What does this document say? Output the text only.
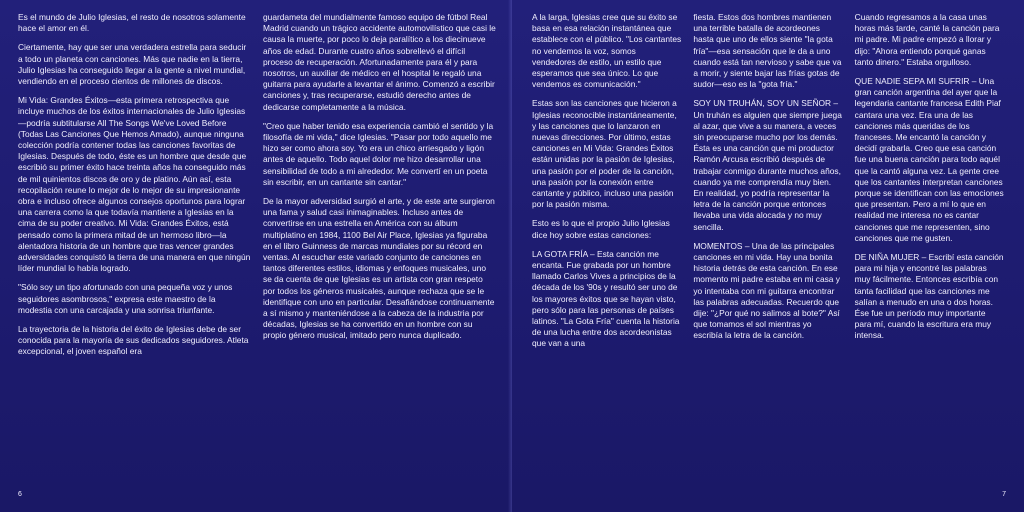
Es el mundo de Julio Iglesias, el resto de nosotros solamente hace el amor en él.

Ciertamente, hay que ser una verdadera estrella para seducir a todo un planeta con canciones. Más que nadie en la tierra, Julio Iglesias ha conseguido llegar a la gente a nivel mundial, vendiendo en el proceso cientos de millones de discos.

Mi Vida: Grandes Éxitos—esta primera retrospectiva que incluye muchos de los éxitos internacionales de Julio Iglesias—podría subtitularse All The Songs We've Loved Before (Todas Las Canciones Que Hemos Amado), aunque ninguna colección podría contener todas las canciones favoritas de Iglesias. Después de todo, éste es un hombre que desde que escribió su primer éxito hace treinta años ha conseguido más de mil quinientos discos de oro y de platino. Aún así, esta recopilación reune lo mejor de lo mejor de su impresionante obra e incluso ofrece algunos consejos oportunos para lograr una carrera como la que todavía mantiene a Iglesias en la cima de su poder creativo. Mi Vida: Grandes Éxitos, está pensado como la primera mitad de un hermoso libro—la alentadora historia de un hombre que tras vencer grandes adversidades conquistó la tierra de una manera en que ningún líder mundial lo había logrado.

"Sólo soy un tipo afortunado con una pequeña voz y unos seguidores asombrosos," expresa este maestro de la modestia con una carcajada y una sonrisa triunfante.

La trayectoria de la historia del éxito de Iglesias debe de ser conocida para la mayoría de sus dedicados seguidores. Atleta excepcional, el joven español era

guardameta del mundialmente famoso equipo de fútbol Real Madrid cuando un trágico accidente automovilístico que casi le causa la muerte, por poco lo deja paralítico a los diecinueve años de edad. Durante cuatro años sobrellevó el difícil proceso de recuperación. Afortunadamente para él y para nosotros, un auxiliar de médico en el hospital le regaló una guitarra para ayudarle a levantar el ánimo. Comenzó a escribir canciones y, tras recuperarse, estudió derecho antes de dedicarse completamente a la música.

"Creo que haber tenido esa experiencia cambió el sentido y la filosofía de mi vida," dice Iglesias. "Pasar por todo aquello me hizo ser como ahora soy. Yo era un chico arriesgado y ligón antes de aquello. Todo aquel dolor me hizo desarrollar una sensibilidad de todo a mi alrededor. Me convertí en un poeta sin escribir, en un cantante sin cantar."

De la mayor adversidad surgió el arte, y de este arte surgieron una fama y salud casi inimaginables. Incluso antes de convertirse en una estrella en América con su álbum multiplatino en 1984, 1100 Bel Air Place, Iglesias ya figuraba en el libro Guinness de marcas mundiales por su récord en ventas. Al escuchar este variado conjunto de canciones en tantos diferentes estilos, idiomas y enfoques musicales, uno se da cuenta de que Iglesias es un artista con gran respeto por todos los géneros musicales, aunque rechaza que se le identifique con uno en particular. Desafiándose continuamente a sí mismo y manteniéndose a la cabeza de la industria por décadas, Iglesias se ha convertido en un hombre con su propio género musical, imitado pero nunca duplicado.

6

A la larga, Iglesias cree que su éxito se basa en esa relación instantánea que establece con el público. "Los cantantes no vendemos la voz, somos vendedores de estilo, un estilo que esperamos que sea único. Lo que vendemos es comunicación."

Estas son las canciones que hicieron a Iglesias reconocible instantáneamente, y las canciones que lo lanzaron en nuevas direcciones. Por último, estas canciones en Mi Vida: Grandes Éxitos están unidas por la pasión de Iglesias, una pasión por el poder de la canción, una pasión por la conexión entre cantante y público, incluso una pasión por la pasión misma.

Esto es lo que el propio Julio Iglesias dice hoy sobre estas canciones:

LA GOTA FRÍA – Esta canción me encanta. Fue grabada por un hombre llamado Carlos Vives a principios de la década de los '90s y resultó ser uno de los mayores éxitos que se hayan visto, pero sólo para las personas de países latinos. "La Gota Fría" cuenta la historia de una lucha entre dos acordeonistas que van a una

fiesta. Estos dos hombres mantienen una terrible batalla de acordeones hasta que uno de ellos siente "la gota fría"—esa sensación que le da a uno cuando está tan nervioso y sabe que va a morir, y siente bajar las frías gotas de sudor—eso es la "gota fría."

SOY UN TRUHÁN, SOY UN SEÑOR – Un truhán es alguien que siempre juega al azar, que vive a su manera, a veces sin preocuparse mucho por los demás. Ésta es una canción que mi productor Ramón Arcusa escribió después de trabajar conmigo durante muchos años, cuando ya me comprendía muy bien. En realidad, yo podría representar la letra de la canción porque entonces llevaba una vida alocada y no muy sencilla.

MOMENTOS – Una de las principales canciones en mi vida. Hay una bonita historia detrás de esta canción. En ese momento mi padre estaba en mi casa y yo intentaba con mi guitarra encontrar las palabras adecuadas. Recuerdo que dije: "¿Por qué no salimos al bote?" Así que tomamos el sol mientras yo escribía la letra de la canción.

Cuando regresamos a la casa unas horas más tarde, canté la canción para mi padre. Mi padre empezó a llorar y dijo: "Ahora entiendo porqué ganas tanto dinero." Estaba orgulloso.

QUE NADIE SEPA MI SUFRIR – Una gran canción argentina del ayer que la legendaria cantante francesa Edith Piaf cantara una vez. Era una de las canciones más queridas de los franceses. Me encantó la canción y decidí grabarla. Creo que esa canción fue una buena canción para todo aquél que la cantó alguna vez. La gente cree que los cantantes interpretan canciones porque se identifican con las emociones que presentan. Pero a mí lo que en realidad me interesa no es cantar canciones que me representen, sino canciones que me gusten.

DE NIÑA MUJER – Escribí esta canción para mi hija y encontré las palabras muy fácilmente. Entonces escribía con tanta facilidad que las canciones me salían a menudo en una o dos horas. Ése fue un período muy importante para mí, cuando la escritura era muy intensa.

7
